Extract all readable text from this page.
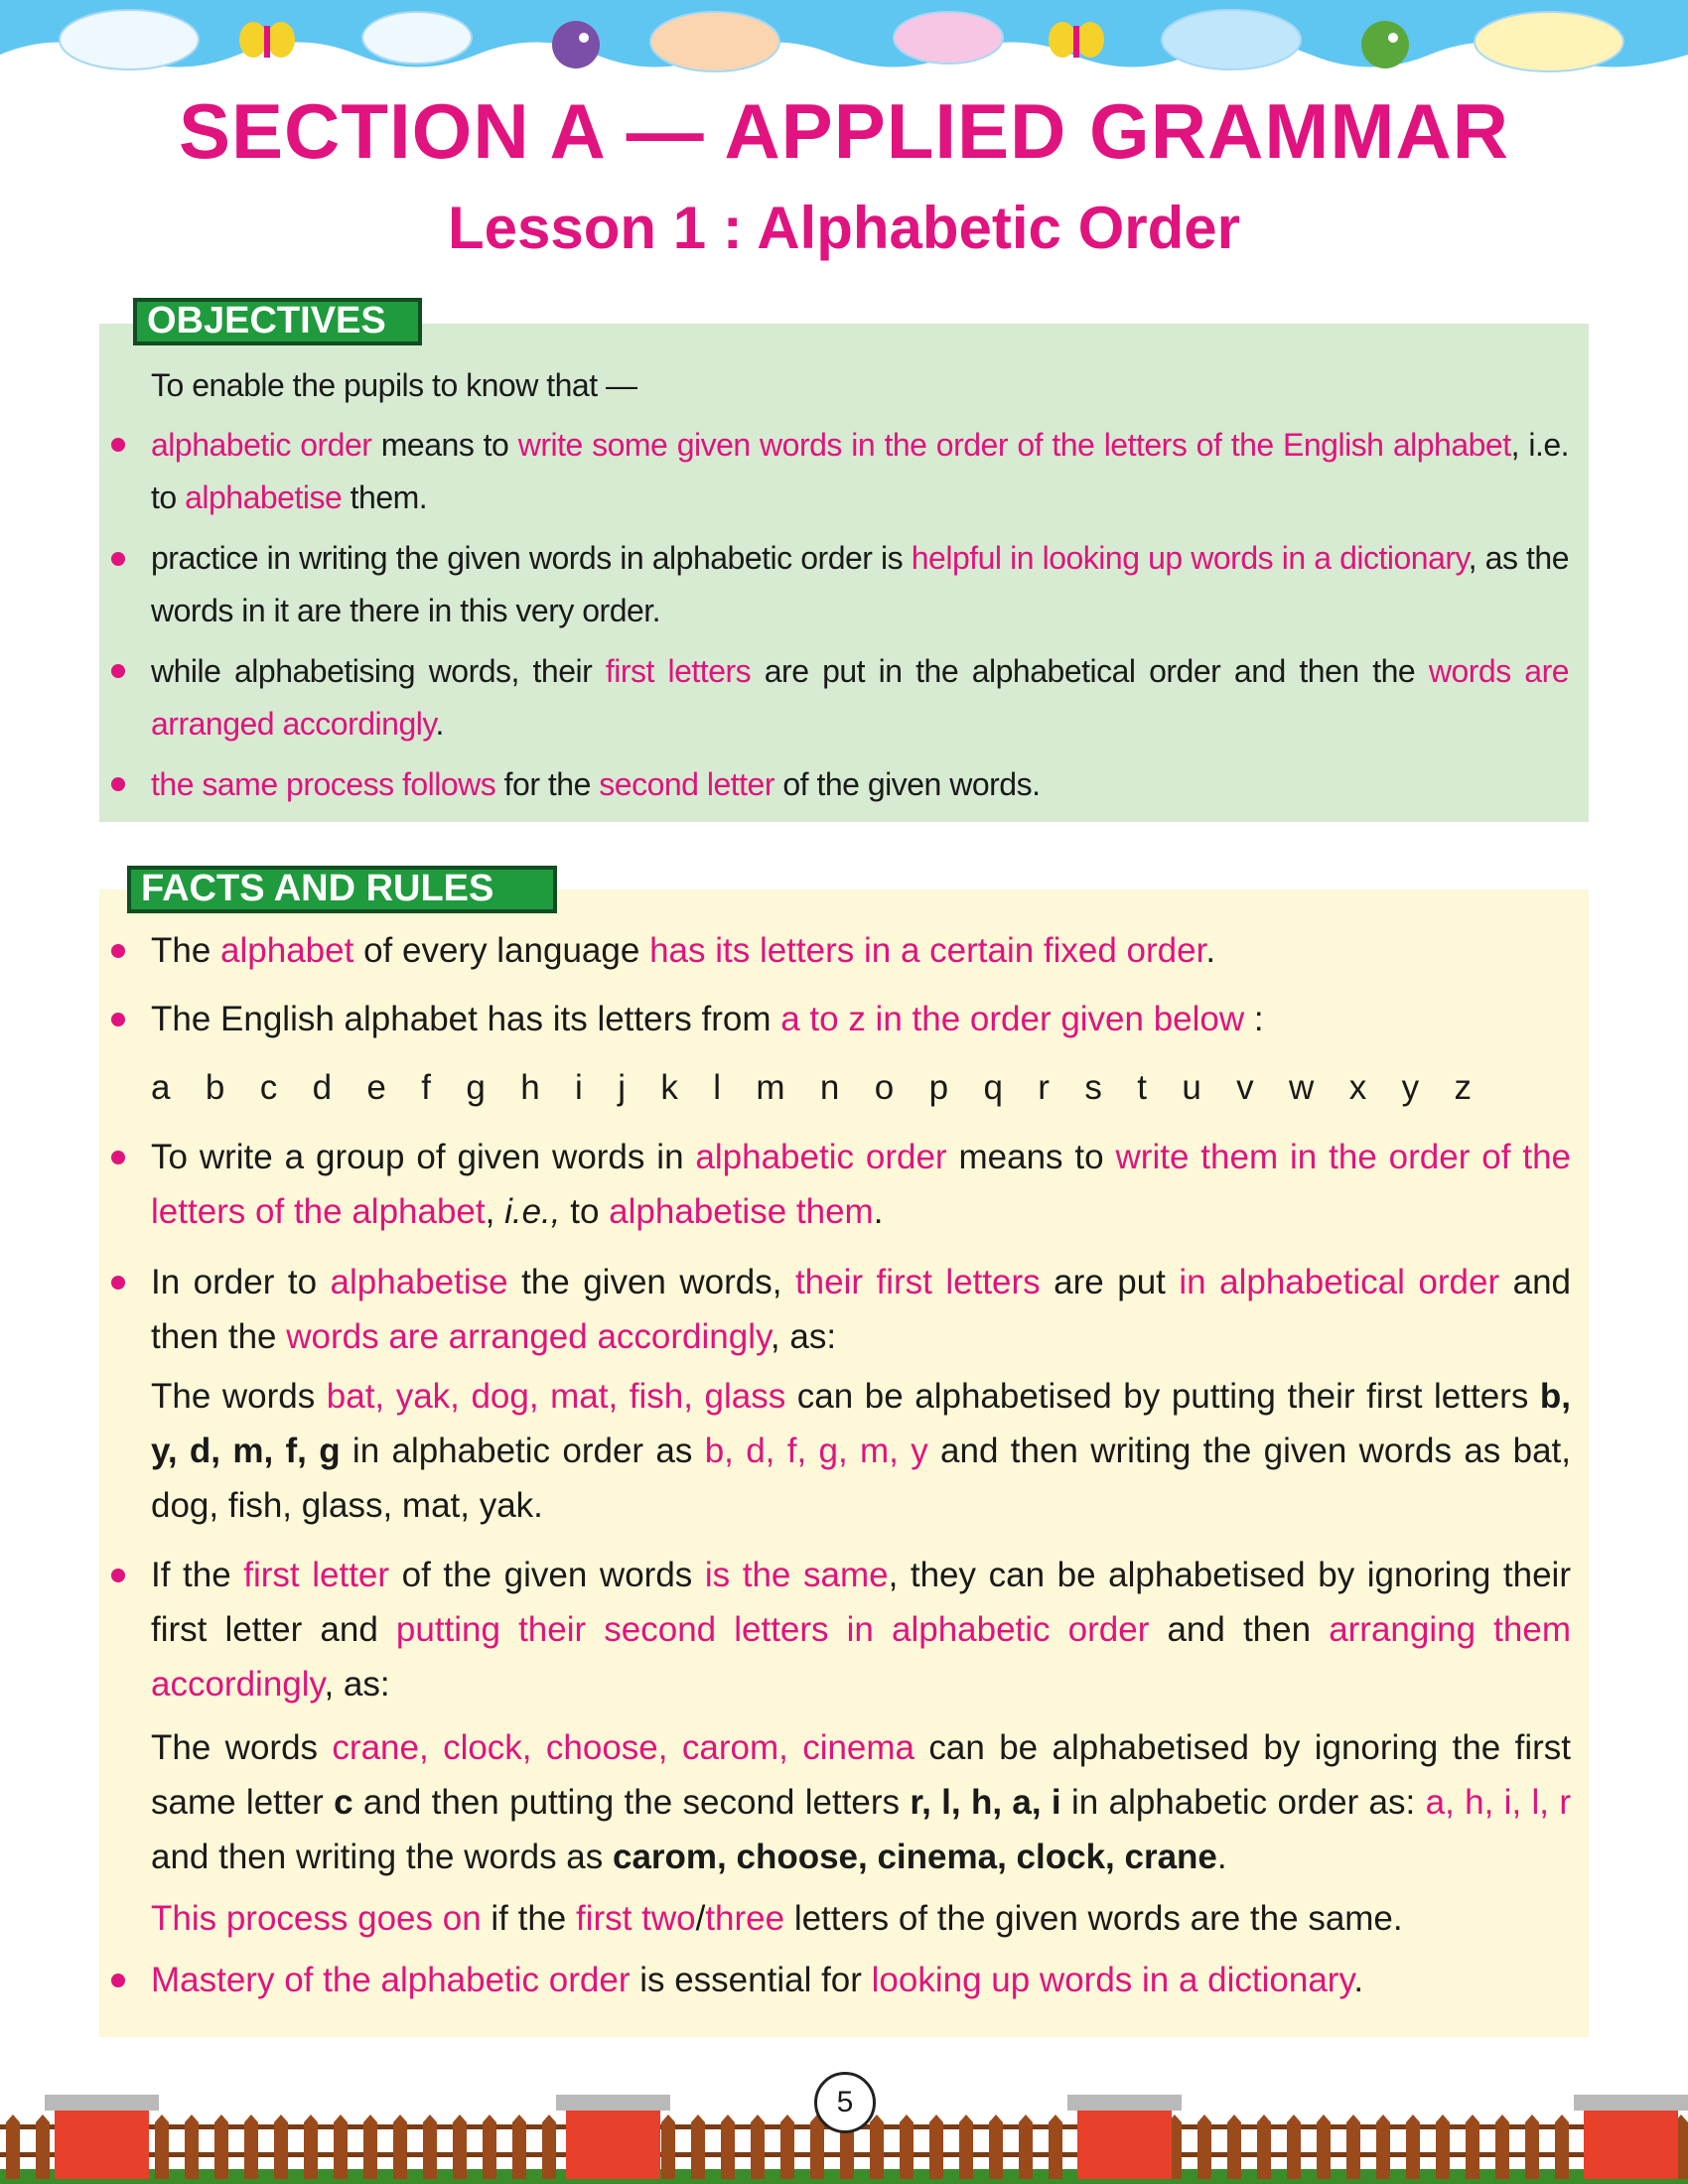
SECTION A — APPLIED GRAMMAR
Lesson 1 : Alphabetic Order
OBJECTIVES
To enable the pupils to know that —
alphabetic order means to write some given words in the order of the letters of the English alphabet, i.e. to alphabetise them.
practice in writing the given words in alphabetic order is helpful in looking up words in a dictionary, as the words in it are there in this very order.
while alphabetising words, their first letters are put in the alphabetical order and then the words are arranged accordingly.
the same process follows for the second letter of the given words.
FACTS AND RULES
The alphabet of every language has its letters in a certain fixed order.
The English alphabet has its letters from a to z in the order given below :
a b c d e f g h i j k l m n o p q r s t u v w x y z
To write a group of given words in alphabetic order means to write them in the order of the letters of the alphabet, i.e., to alphabetise them.
In order to alphabetise the given words, their first letters are put in alphabetical order and then the words are arranged accordingly, as:
The words bat, yak, dog, mat, fish, glass can be alphabetised by putting their first letters b, y, d, m, f, g in alphabetic order as b, d, f, g, m, y and then writing the given words as bat, dog, fish, glass, mat, yak.
If the first letter of the given words is the same, they can be alphabetised by ignoring their first letter and putting their second letters in alphabetic order and then arranging them accordingly, as:
The words crane, clock, choose, carom, cinema can be alphabetised by ignoring the first same letter c and then putting the second letters r, l, h, a, i in alphabetic order as: a, h, i, l, r and then writing the words as carom, choose, cinema, clock, crane.
This process goes on if the first two/three letters of the given words are the same.
Mastery of the alphabetic order is essential for looking up words in a dictionary.
5
